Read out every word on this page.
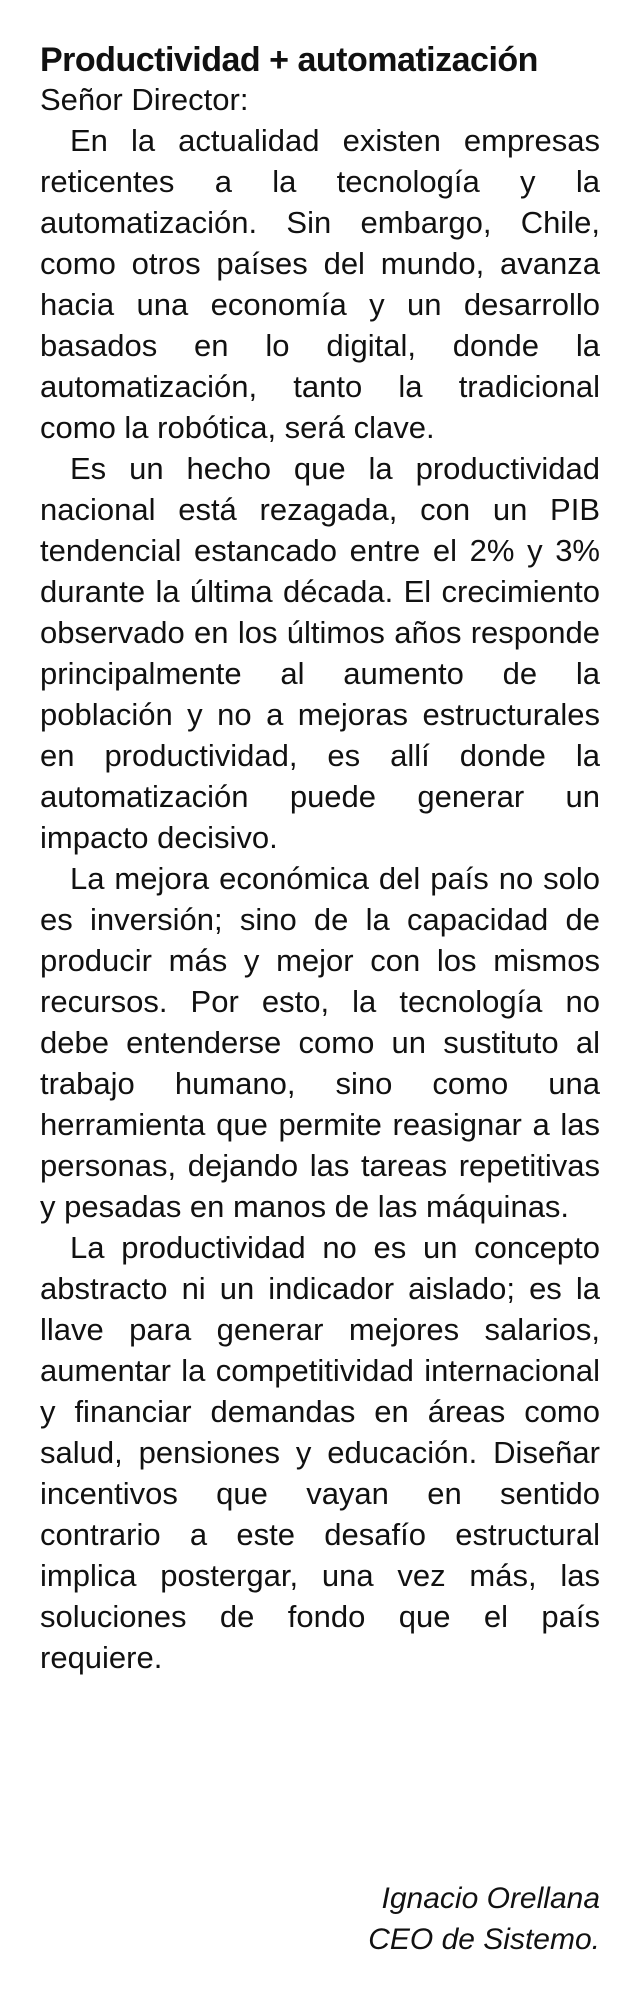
Productividad + automatización

Señor Director:

En la actualidad existen empresas reticentes a la tecnología y la automatización. Sin embargo, Chile, como otros países del mundo, avanza hacia una economía y un desarrollo basados en lo digital, donde la automatización, tanto la tradicional como la robótica, será clave.

Es un hecho que la productividad nacional está rezagada, con un PIB tendencial estancado entre el 2% y 3% durante la última década. El crecimiento observado en los últimos años responde principalmente al aumento de la población y no a mejoras estructurales en productividad, es allí donde la automatización puede generar un impacto decisivo.

La mejora económica del país no solo es inversión; sino de la capacidad de producir más y mejor con los mismos recursos. Por esto, la tecnología no debe entenderse como un sustituto al trabajo humano, sino como una herramienta que permite reasignar a las personas, dejando las tareas repetitivas y pesadas en manos de las máquinas.

La productividad no es un concepto abstracto ni un indicador aislado; es la llave para generar mejores salarios, aumentar la competitividad internacional y financiar demandas en áreas como salud, pensiones y educación. Diseñar incentivos que vayan en sentido contrario a este desafío estructural implica postergar, una vez más, las soluciones de fondo que el país requiere.

Ignacio Orellana
CEO de Sistemo.
